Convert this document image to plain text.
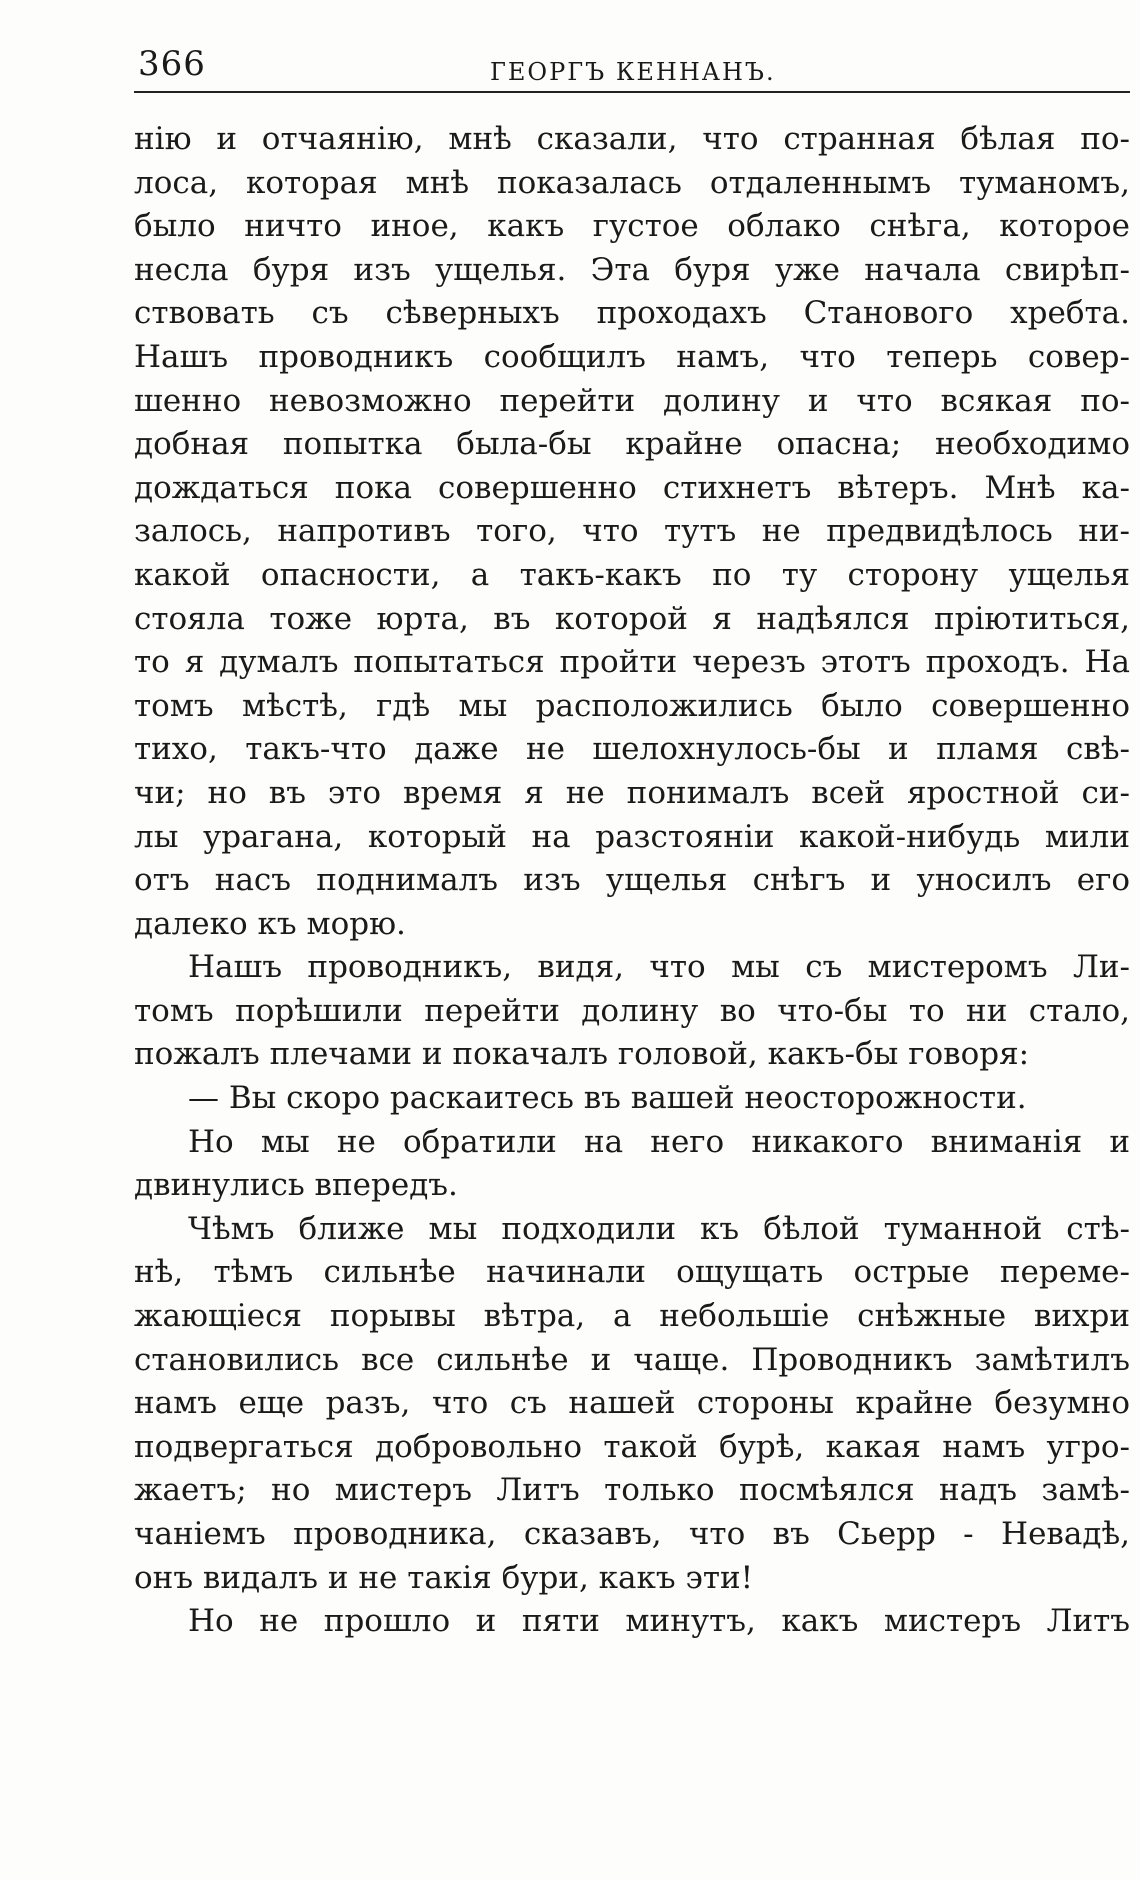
366	ГЕОРГЪ КЕННАНЪ.
нію и отчаянію, мнѣ сказали, что странная бѣлая по-
лоса, которая мнѣ показалась отдаленнымъ туманомъ,
было ничто иное, какъ густое облако снѣга, которое
несла буря изъ ущелья. Эта буря уже начала свирѣп-
ствовать съ сѣверныхъ проходахъ Станового хребта.
Нашъ проводникъ сообщилъ намъ, что теперь совер-
шенно невозможно перейти долину и что всякая по-
добная попытка была-бы крайне опасна; необходимо
дождаться пока совершенно стихнетъ вѣтеръ. Мнѣ ка-
залось, напротивъ того, что тутъ не предвидѣлось ни-
какой опасности, а такъ-какъ по ту сторону ущелья
стояла тоже юрта, въ которой я надѣялся пріютиться,
то я думалъ попытаться пройти черезъ этотъ проходъ. На
томъ мѣстѣ, гдѣ мы расположились было совершенно
тихо, такъ-что даже не шелохнулось-бы и пламя свѣ-
чи; но въ это время я не понималъ всей яростной си-
лы урагана, который на разстояніи какой-нибудь мили
отъ насъ поднималъ изъ ущелья снѣгъ и уносилъ его
далеко къ морю.
Нашъ проводникъ, видя, что мы съ мистеромъ Ли-
томъ порѣшили перейти долину во что-бы то ни стало,
пожалъ плечами и покачалъ головой, какъ-бы говоря:
— Вы скоро раскаитесь въ вашей неосторожности.
Но мы не обратили на него никакого вниманія и
двинулись впередъ.
Чѣмъ ближе мы подходили къ бѣлой туманной стѣ-
нѣ, тѣмъ сильнѣе начинали ощущать острые переме-
жающіеся порывы вѣтра, а небольшіе снѣжные вихри
становились все сильнѣе и чаще. Проводникъ замѣтилъ
намъ еще разъ, что съ нашей стороны крайне безумно
подвергаться добровольно такой бурѣ, какая намъ угро-
жаетъ; но мистеръ Литъ только посмѣялся надъ замѣ-
чаніемъ проводника, сказавъ, что въ Сьерр - Невадѣ,
онъ видалъ и не такія бури, какъ эти!
Но не прошло и пяти минутъ, какъ мистеръ Литъ
